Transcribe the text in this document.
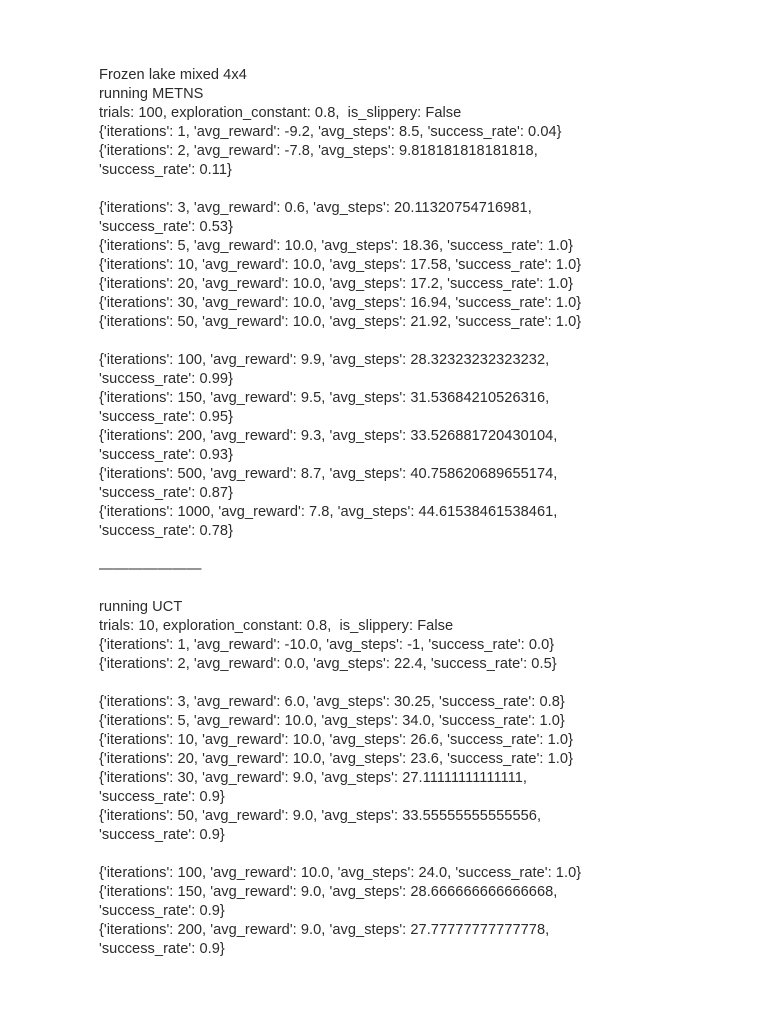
Frozen lake mixed 4x4
running METNS
trials: 100, exploration_constant: 0.8,  is_slippery: False
{'iterations': 1, 'avg_reward': -9.2, 'avg_steps': 8.5, 'success_rate': 0.04}
{'iterations': 2, 'avg_reward': -7.8, 'avg_steps': 9.818181818181818,
'success_rate': 0.11}
{'iterations': 3, 'avg_reward': 0.6, 'avg_steps': 20.11320754716981,
'success_rate': 0.53}
{'iterations': 5, 'avg_reward': 10.0, 'avg_steps': 18.36, 'success_rate': 1.0}
{'iterations': 10, 'avg_reward': 10.0, 'avg_steps': 17.58, 'success_rate': 1.0}
{'iterations': 20, 'avg_reward': 10.0, 'avg_steps': 17.2, 'success_rate': 1.0}
{'iterations': 30, 'avg_reward': 10.0, 'avg_steps': 16.94, 'success_rate': 1.0}
{'iterations': 50, 'avg_reward': 10.0, 'avg_steps': 21.92, 'success_rate': 1.0}
{'iterations': 100, 'avg_reward': 9.9, 'avg_steps': 28.32323232323232,
'success_rate': 0.99}
{'iterations': 150, 'avg_reward': 9.5, 'avg_steps': 31.53684210526316,
'success_rate': 0.95}
{'iterations': 200, 'avg_reward': 9.3, 'avg_steps': 33.526881720430104,
'success_rate': 0.93}
{'iterations': 500, 'avg_reward': 8.7, 'avg_steps': 40.758620689655174,
'success_rate': 0.87}
{'iterations': 1000, 'avg_reward': 7.8, 'avg_steps': 44.61538461538461,
'success_rate': 0.78}
———————
running UCT
trials: 10, exploration_constant: 0.8,  is_slippery: False
{'iterations': 1, 'avg_reward': -10.0, 'avg_steps': -1, 'success_rate': 0.0}
{'iterations': 2, 'avg_reward': 0.0, 'avg_steps': 22.4, 'success_rate': 0.5}
{'iterations': 3, 'avg_reward': 6.0, 'avg_steps': 30.25, 'success_rate': 0.8}
{'iterations': 5, 'avg_reward': 10.0, 'avg_steps': 34.0, 'success_rate': 1.0}
{'iterations': 10, 'avg_reward': 10.0, 'avg_steps': 26.6, 'success_rate': 1.0}
{'iterations': 20, 'avg_reward': 10.0, 'avg_steps': 23.6, 'success_rate': 1.0}
{'iterations': 30, 'avg_reward': 9.0, 'avg_steps': 27.11111111111111,
'success_rate': 0.9}
{'iterations': 50, 'avg_reward': 9.0, 'avg_steps': 33.55555555555556,
'success_rate': 0.9}
{'iterations': 100, 'avg_reward': 10.0, 'avg_steps': 24.0, 'success_rate': 1.0}
{'iterations': 150, 'avg_reward': 9.0, 'avg_steps': 28.666666666666668,
'success_rate': 0.9}
{'iterations': 200, 'avg_reward': 9.0, 'avg_steps': 27.77777777777778,
'success_rate': 0.9}
